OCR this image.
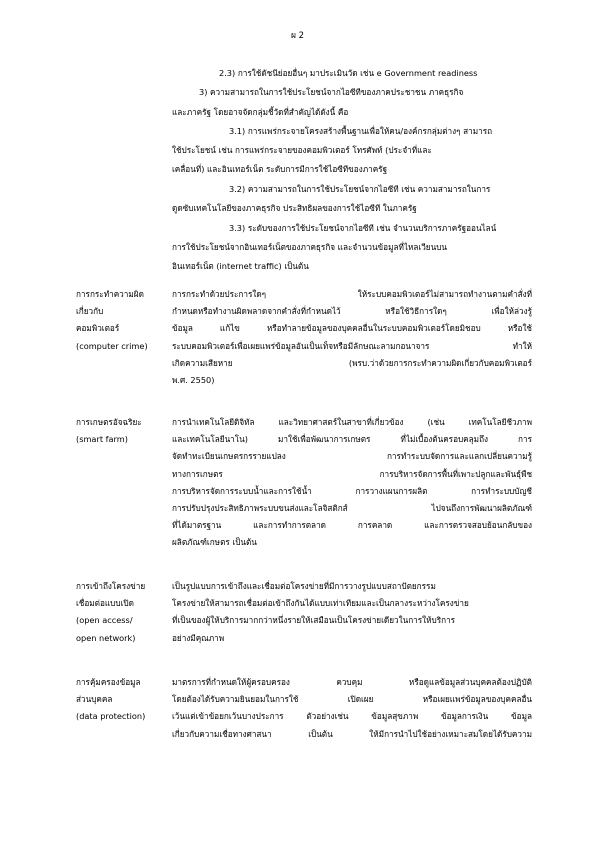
ผ 2
2.3) การใช้ดัชนีย่อยอื่นๆ มาประเมินวัด เช่น e Government readiness
3) ความสามารถในการใช้ประโยชน์จากไอซีทีของภาคประชาชน ภาคธุรกิจ
และภาครัฐ โดยอาจจัดกลุ่มชี้วัดที่สำคัญได้ดังนี้ คือ
3.1) การแพร่กระจายโครงสร้างพื้นฐานเพื่อให้คน/องค์กรกลุ่มต่างๆ สามารถ
ใช้ประโยชน์ เช่น การแพร่กระจายของคอมพิวเตอร์ โทรศัพท์ (ประจำที่และ
เคลื่อนที่) และอินเทอร์เน็ต ระดับการมีการใช้ไอซีทีของภาครัฐ
3.2) ความสามารถในการใช้ประโยชน์จากไอซีที เช่น ความสามารถในการ
ดูดซับเทคโนโลยีของภาคธุรกิจ ประสิทธิผลของการใช้ไอซีที ในภาครัฐ
3.3) ระดับของการใช้ประโยชน์จากไอซีที เช่น จำนวนบริการภาครัฐออนไลน์
การใช้ประโยชน์จากอินเทอร์เน็ตของภาคธุรกิจ และจำนวนข้อมูลที่ไหลเวียนบน
อินเทอร์เน็ต (internet traffic) เป็นต้น
การกระทำความผิด
เกี่ยวกับ
คอมพิวเตอร์
(computer crime)
การกระทำด้วยประการใดๆ ให้ระบบคอมพิวเตอร์ไม่สามารถทำงานตามคำสั่งที่
กำหนดหรือทำงานผิดพลาดจากคำสั่งที่กำหนดไว้ หรือใช้วิธีการใดๆ เพื่อให้ล่วงรู้
ข้อมูล แก้ไข หรือทำลายข้อมูลของบุคคลอื่นในระบบคอมพิวเตอร์โดยมิชอบ หรือใช้
ระบบคอมพิวเตอร์เพื่อเผยแพร่ข้อมูลอันเป็นเท็จหรือมีลักษณะลามกอนาจาร ทำให้
เกิดความเสียหาย (พรบ.ว่าด้วยการกระทำความผิดเกี่ยวกับคอมพิวเตอร์
พ.ศ. 2550)
การเกษตรอัจฉริยะ
(smart farm)
การนำเทคโนโลยีดิจิทัล และวิทยาศาสตร์ในสาขาที่เกี่ยวข้อง (เช่น เทคโนโลยีชีวภาพ
และเทคโนโลยีนาโน) มาใช้เพื่อพัฒนาการเกษตร ที่ไม่เบื้องต้นครอบคลุมถึง การ
จัดทำทะเบียนเกษตรกรรายแปลง การทำระบบจัดการและแลกเปลี่ยนความรู้
ทางการเกษตร การบริหารจัดการพื้นที่เพาะปลูกและพันธุ์พืช
การบริหารจัดการระบบน้ำและการใช้น้ำ การวางแผนการผลิต การทำระบบบัญชี
การปรับปรุงประสิทธิภาพระบบขนส่งและโลจิสติกส์ ไปจนถึงการพัฒนาผลิตภัณฑ์
ที่ได้มาตรฐาน และการทำการตลาด การคลาด และการตรวจสอบย้อนกลับของ
ผลิตภัณฑ์เกษตร เป็นต้น
การเข้าถึงโครงข่าย
เชื่อมต่อแบบเปิด
(open access/
open network)
เป็นรูปแบบการเข้าถึงและเชื่อมต่อโครงข่ายที่มีการวางรูปแบบสถาปัตยกรรม
โครงข่ายให้สามารถเชื่อมต่อเข้าถึงกันได้แบบเท่าเทียมและเป็นกลางระหว่างโครงข่าย
ที่เป็นของผู้ให้บริการมากกว่าหนึ่งรายให้เสมือนเป็นโครงข่ายเดียวในการให้บริการ
อย่างมีคุณภาพ
การคุ้มครองข้อมูล
ส่วนบุคคล
(data protection)
มาตรการที่กำหนดให้ผู้ครอบครอง ควบคุม หรือดูแลข้อมูลส่วนบุคคลต้องปฏิบัติ
โดยต้องได้รับความยินยอมในการใช้ เปิดเผย หรือเผยแพร่ข้อมูลของบุคคลอื่น
เว้นแต่เข้าข้อยกเว้นบางประการ ตัวอย่างเช่น ข้อมูลสุขภาพ ข้อมูลการเงิน ข้อมูล
เกี่ยวกับความเชื่อทางศาสนา เป็นต้น ให้มีการนำไปใช้อย่างเหมาะสมโดยได้รับความ
